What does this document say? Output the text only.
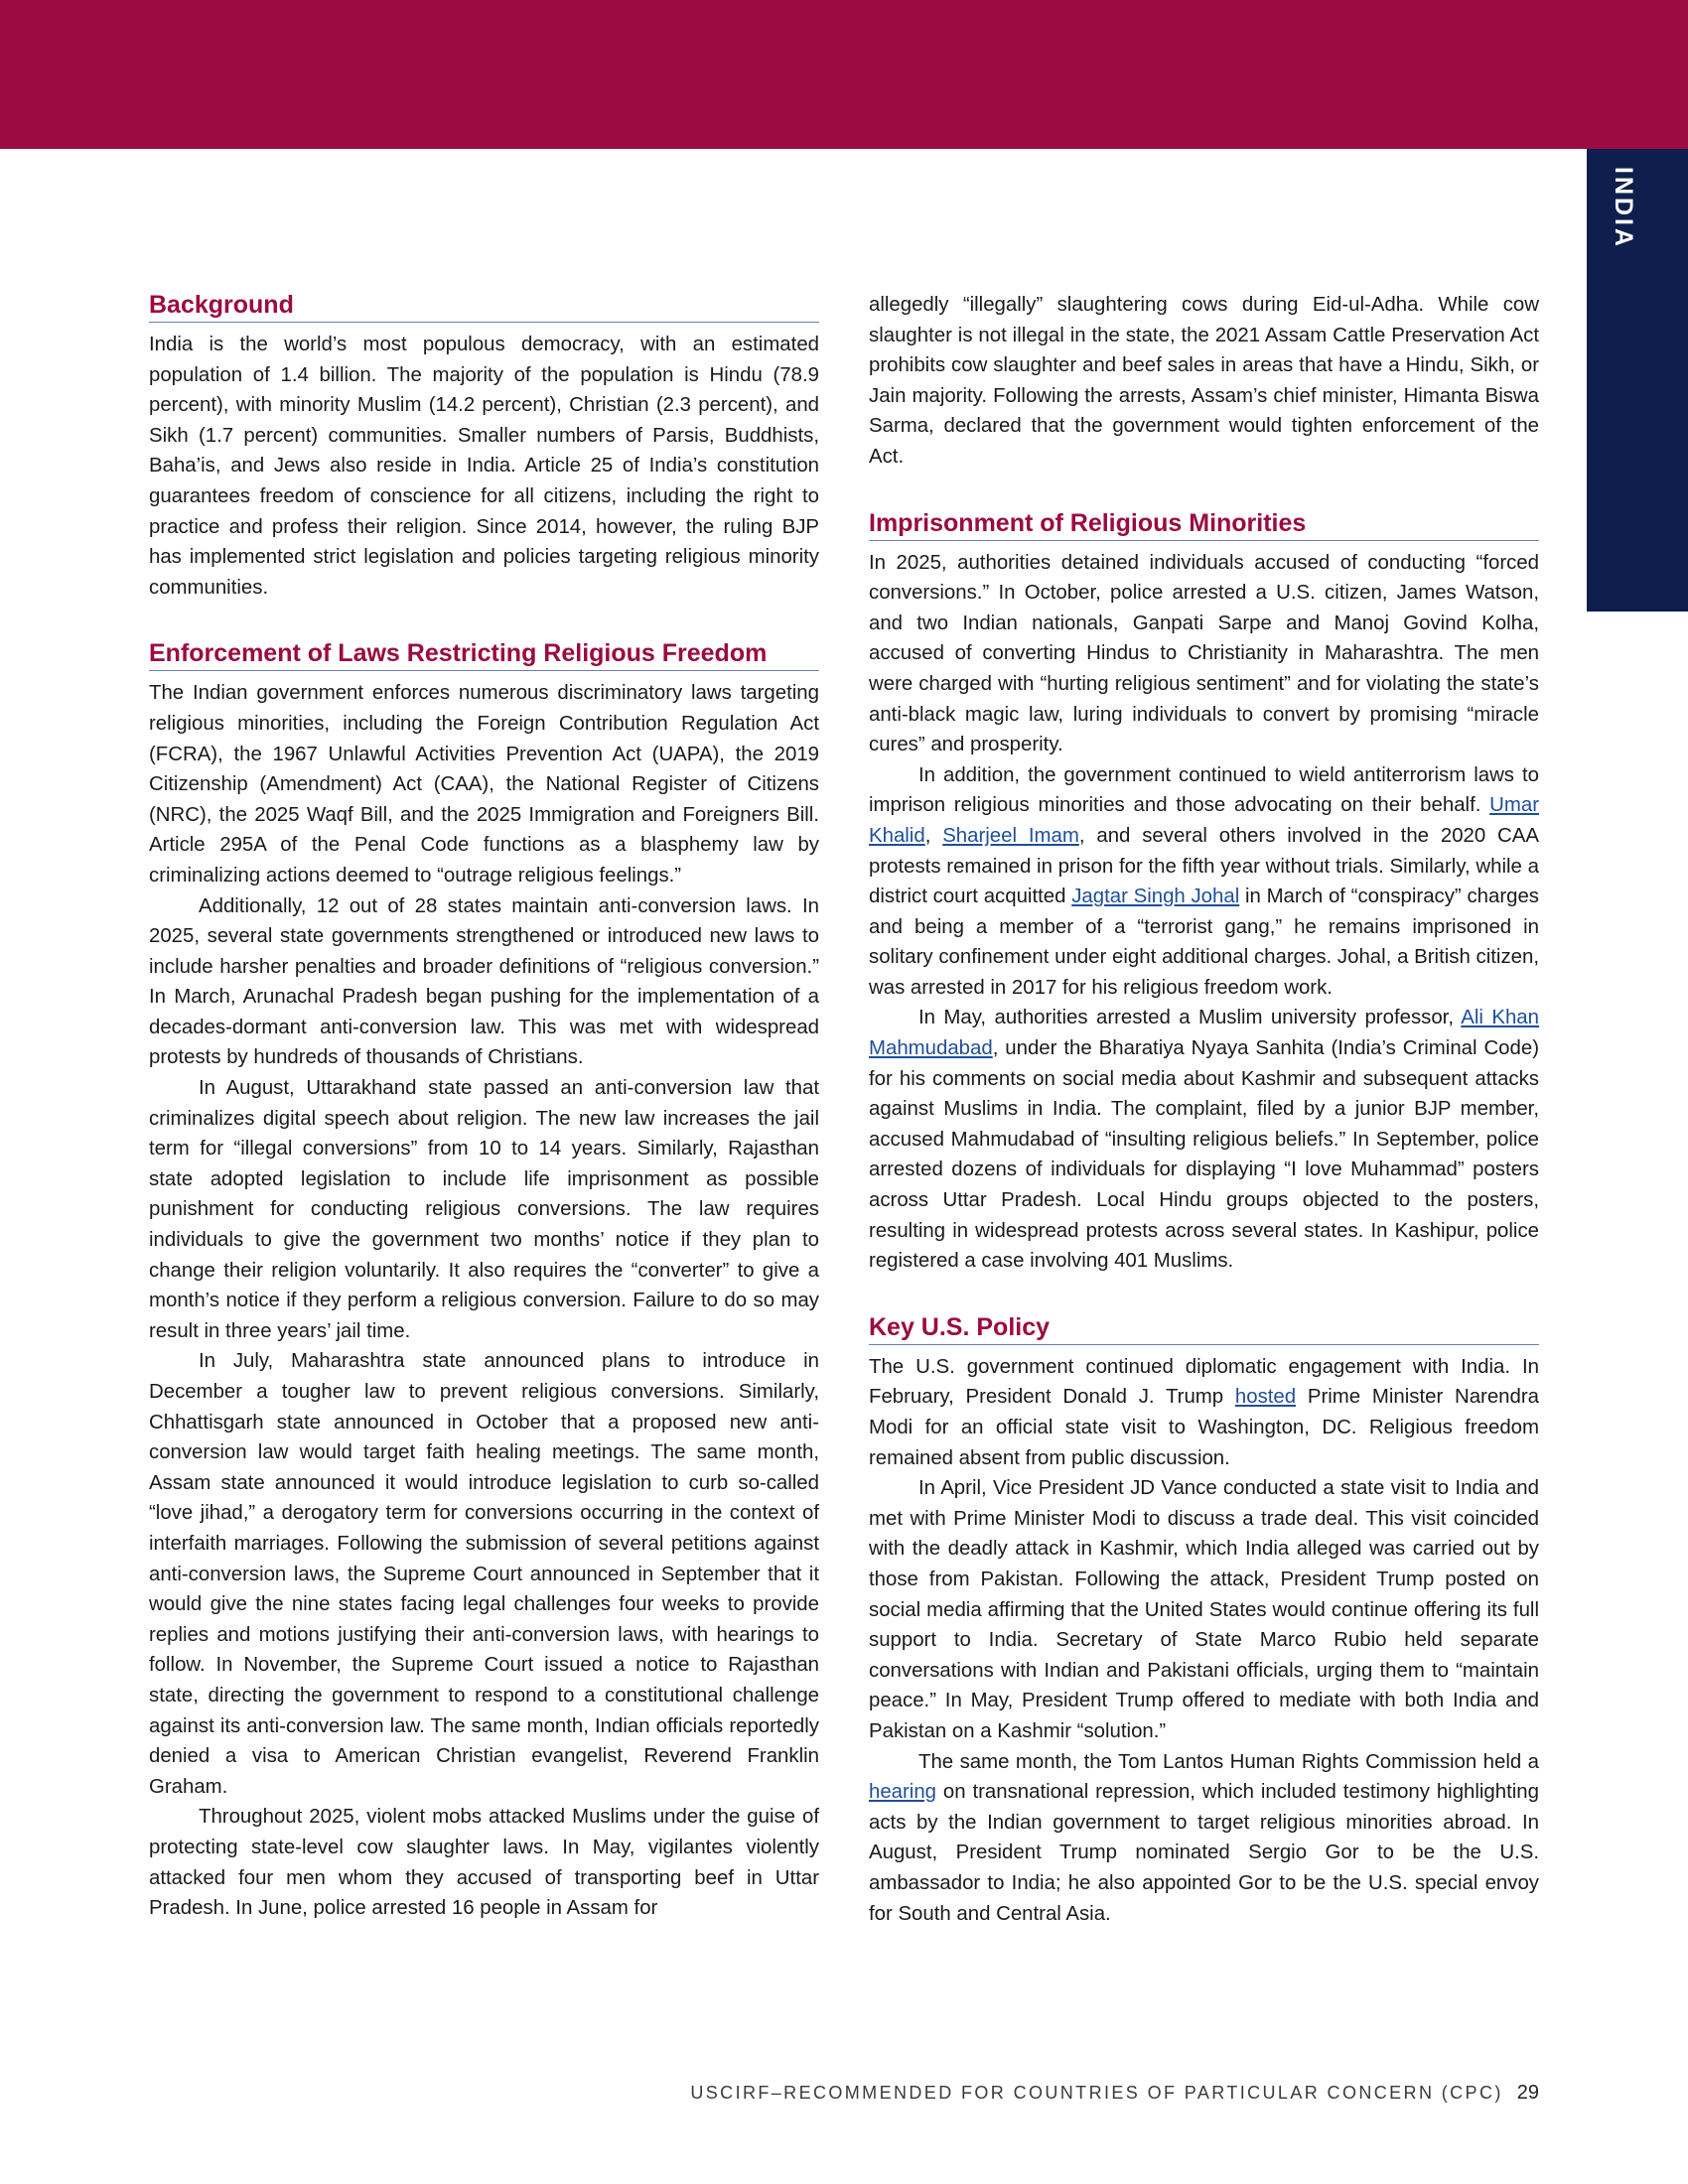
INDIA
Background

India is the world’s most populous democracy, with an estimated population of 1.4 billion. The majority of the population is Hindu (78.9 percent), with minority Muslim (14.2 percent), Christian (2.3 percent), and Sikh (1.7 percent) communities. Smaller numbers of Parsis, Buddhists, Baha’is, and Jews also reside in India. Article 25 of India’s constitution guarantees freedom of conscience for all citizens, including the right to practice and profess their religion. Since 2014, however, the ruling BJP has implemented strict legislation and policies targeting religious minority communities.

Enforcement of Laws Restricting Religious Freedom

The Indian government enforces numerous discriminatory laws targeting religious minorities, including the Foreign Contribution Regulation Act (FCRA), the 1967 Unlawful Activities Prevention Act (UAPA), the 2019 Citizenship (Amendment) Act (CAA), the National Register of Citizens (NRC), the 2025 Waqf Bill, and the 2025 Immigration and Foreigners Bill. Article 295A of the Penal Code functions as a blasphemy law by criminalizing actions deemed to “outrage religious feelings.”

Additionally, 12 out of 28 states maintain anti-conversion laws. In 2025, several state governments strengthened or introduced new laws to include harsher penalties and broader definitions of “religious conversion.” In March, Arunachal Pradesh began pushing for the implementation of a decades-dormant anti-conversion law. This was met with widespread protests by hundreds of thousands of Christians.

In August, Uttarakhand state passed an anti-conversion law that criminalizes digital speech about religion. The new law increases the jail term for “illegal conversions” from 10 to 14 years. Similarly, Rajasthan state adopted legislation to include life imprisonment as possible punishment for conducting religious conversions. The law requires individuals to give the government two months’ notice if they plan to change their religion voluntarily. It also requires the “converter” to give a month’s notice if they perform a religious conversion. Failure to do so may result in three years’ jail time.

In July, Maharashtra state announced plans to introduce in December a tougher law to prevent religious conversions. Similarly, Chhattisgarh state announced in October that a proposed new anti-conversion law would target faith healing meetings. The same month, Assam state announced it would introduce legislation to curb so-called “love jihad,” a derogatory term for conversions occurring in the context of interfaith marriages. Following the submission of several petitions against anti-conversion laws, the Supreme Court announced in September that it would give the nine states facing legal challenges four weeks to provide replies and motions justifying their anti-conversion laws, with hearings to follow. In November, the Supreme Court issued a notice to Rajasthan state, directing the government to respond to a constitutional challenge against its anti-conversion law. The same month, Indian officials reportedly denied a visa to American Christian evangelist, Reverend Franklin Graham.

Throughout 2025, violent mobs attacked Muslims under the guise of protecting state-level cow slaughter laws. In May, vigilantes violently attacked four men whom they accused of transporting beef in Uttar Pradesh. In June, police arrested 16 people in Assam for

allegedly “illegally” slaughtering cows during Eid-ul-Adha. While cow slaughter is not illegal in the state, the 2021 Assam Cattle Preservation Act prohibits cow slaughter and beef sales in areas that have a Hindu, Sikh, or Jain majority. Following the arrests, Assam’s chief minister, Himanta Biswa Sarma, declared that the government would tighten enforcement of the Act.

Imprisonment of Religious Minorities

In 2025, authorities detained individuals accused of conducting “forced conversions.” In October, police arrested a U.S. citizen, James Watson, and two Indian nationals, Ganpati Sarpe and Manoj Govind Kolha, accused of converting Hindus to Christianity in Maharashtra. The men were charged with “hurting religious sentiment” and for violating the state’s anti-black magic law, luring individuals to convert by promising “miracle cures” and prosperity.

In addition, the government continued to wield antiterrorism laws to imprison religious minorities and those advocating on their behalf. Umar Khalid, Sharjeel Imam, and several others involved in the 2020 CAA protests remained in prison for the fifth year without trials. Similarly, while a district court acquitted Jagtar Singh Johal in March of “conspiracy” charges and being a member of a “terrorist gang,” he remains imprisoned in solitary confinement under eight additional charges. Johal, a British citizen, was arrested in 2017 for his religious freedom work.

In May, authorities arrested a Muslim university professor, Ali Khan Mahmudabad, under the Bharatiya Nyaya Sanhita (India’s Criminal Code) for his comments on social media about Kashmir and subsequent attacks against Muslims in India. The complaint, filed by a junior BJP member, accused Mahmudabad of “insulting religious beliefs.” In September, police arrested dozens of individuals for displaying “I love Muhammad” posters across Uttar Pradesh. Local Hindu groups objected to the posters, resulting in widespread protests across several states. In Kashipur, police registered a case involving 401 Muslims.

Key U.S. Policy

The U.S. government continued diplomatic engagement with India. In February, President Donald J. Trump hosted Prime Minister Narendra Modi for an official state visit to Washington, DC. Religious freedom remained absent from public discussion.

In April, Vice President JD Vance conducted a state visit to India and met with Prime Minister Modi to discuss a trade deal. This visit coincided with the deadly attack in Kashmir, which India alleged was carried out by those from Pakistan. Following the attack, President Trump posted on social media affirming that the United States would continue offering its full support to India. Secretary of State Marco Rubio held separate conversations with Indian and Pakistani officials, urging them to “maintain peace.” In May, President Trump offered to mediate with both India and Pakistan on a Kashmir “solution.”

The same month, the Tom Lantos Human Rights Commission held a hearing on transnational repression, which included testimony highlighting acts by the Indian government to target religious minorities abroad. In August, President Trump nominated Sergio Gor to be the U.S. ambassador to India; he also appointed Gor to be the U.S. special envoy for South and Central Asia.

USCIRF–RECOMMENDED FOR COUNTRIES OF PARTICULAR CONCERN (CPC) 29
